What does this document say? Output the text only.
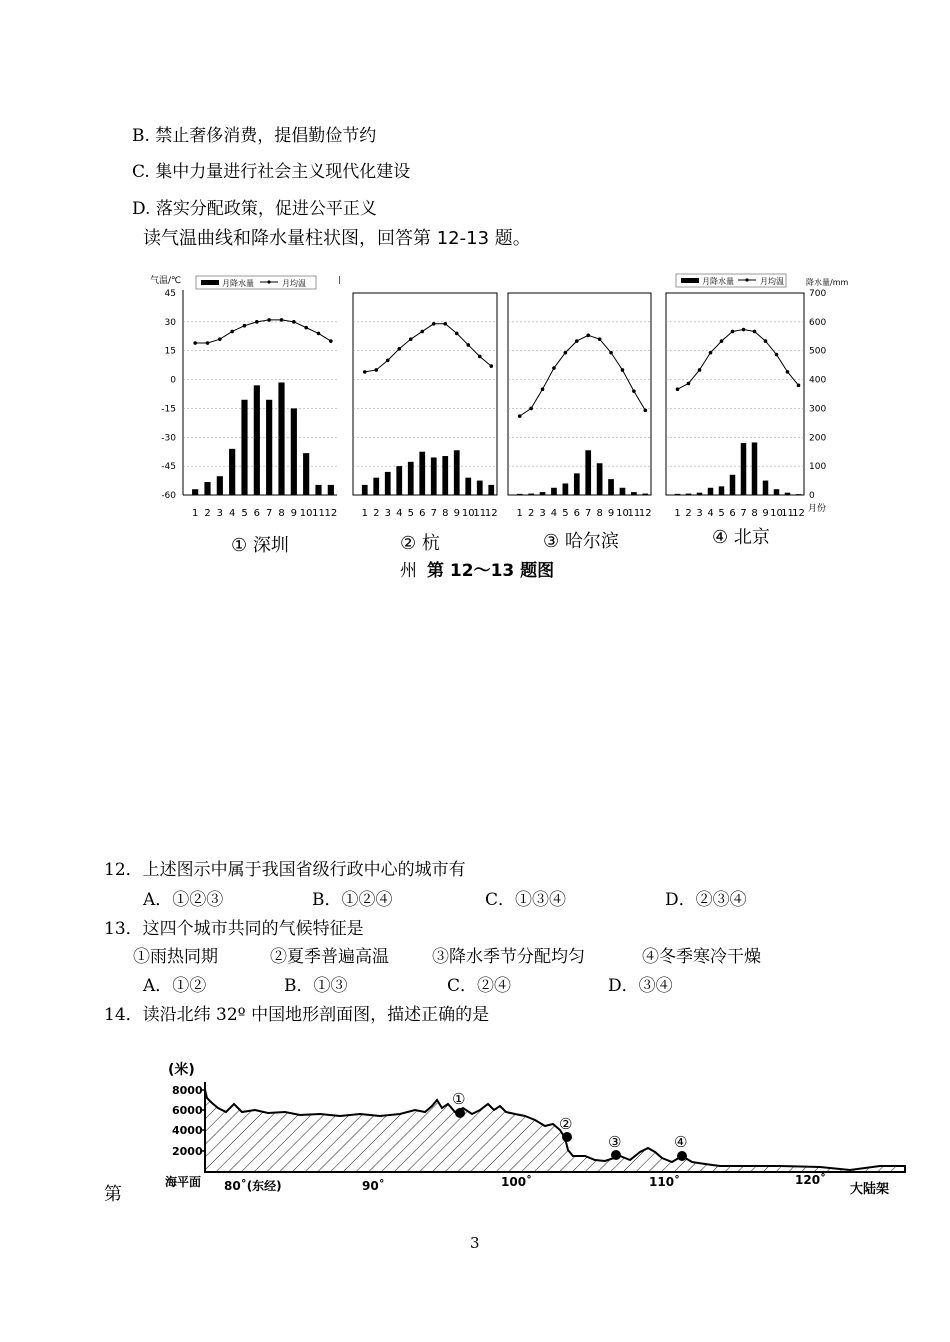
B. 禁止奢侈消费，提倡勤俭节约
C. 集中力量进行社会主义现代化建设
D. 落实分配政策，促进公平正义
读气温曲线和降水量柱状图，回答第 12-13 题。
气温/℃	降水量/mm
月降水量	月均温	月降水量	月均温
|
45
30
15
0
-15
-30
-45
-60
700
600
500
400
300
200
100
0
1 2 3 4 5 6 7 8 9 10 11 12 1 2 3 4 5 6 7 8 9 10
11
12 1 2 3 4 5 6 7 8 9 10
11
12 1 2 3 4 5 6 7 8 9 10
11
12 月份
① 深圳	② 杭	③ 哈尔滨	④ 北京
州 第 12～13 题图
12．上述图示中属于我国省级行政中心的城市有
A．①②③	B．①②④	C．①③④	D．②③④
13．这四个城市共同的气候特征是
①雨热同期	②夏季普遍高温	③降水季节分配均匀	④冬季寒冷干燥
A．①②	B．①③	C．②④	D．③④
14．读沿北纬 32º 中国地形剖面图，描述正确的是
(米)
8000
6000
4000
2000
①
②
③	④
海平面 80˚(东经)	90˚	100˚	110˚	120˚
大陆架
第
3
